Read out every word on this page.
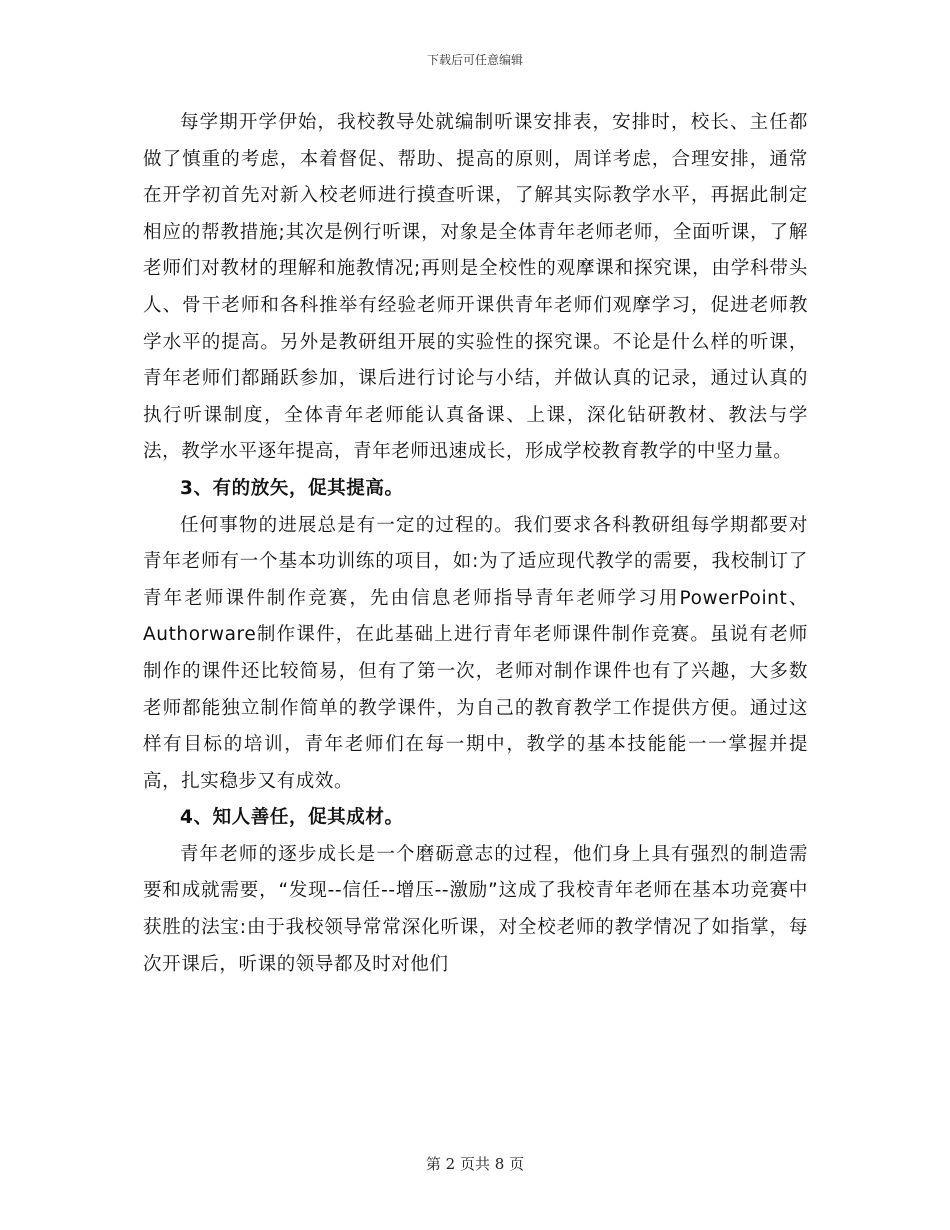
下载后可任意编辑

每学期开学伊始，我校教导处就编制听课安排表，安排时，校长、主任都做了慎重的考虑，本着督促、帮助、提高的原则，周详考虑，合理安排，通常在开学初首先对新入校老师进行摸查听课，了解其实际教学水平，再据此制定相应的帮教措施;其次是例行听课，对象是全体青年老师老师，全面听课，了解老师们对教材的理解和施教情况;再则是全校性的观摩课和探究课，由学科带头人、骨干老师和各科推举有经验老师开课供青年老师们观摩学习，促进老师教学水平的提高。另外是教研组开展的实验性的探究课。不论是什么样的听课，青年老师们都踊跃参加，课后进行讨论与小结，并做认真的记录，通过认真的执行听课制度，全体青年老师能认真备课、上课，深化钻研教材、教法与学法，教学水平逐年提高，青年老师迅速成长，形成学校教育教学的中坚力量。

3、有的放矢，促其提高。

任何事物的进展总是有一定的过程的。我们要求各科教研组每学期都要对青年老师有一个基本功训练的项目，如:为了适应现代教学的需要，我校制订了青年老师课件制作竞赛，先由信息老师指导青年老师学习用PowerPoint、Authorware制作课件，在此基础上进行青年老师课件制作竞赛。虽说有老师制作的课件还比较简易，但有了第一次，老师对制作课件也有了兴趣，大多数老师都能独立制作简单的教学课件，为自己的教育教学工作提供方便。通过这样有目标的培训，青年老师们在每一期中，教学的基本技能能一一掌握并提高，扎实稳步又有成效。

4、知人善任，促其成材。

青年老师的逐步成长是一个磨砺意志的过程，他们身上具有强烈的制造需要和成就需要，“发现--信任--增压--激励”这成了我校青年老师在基本功竞赛中获胜的法宝:由于我校领导常常深化听课，对全校老师的教学情况了如指掌，每次开课后，听课的领导都及时对他们

第 2 页共 8 页
